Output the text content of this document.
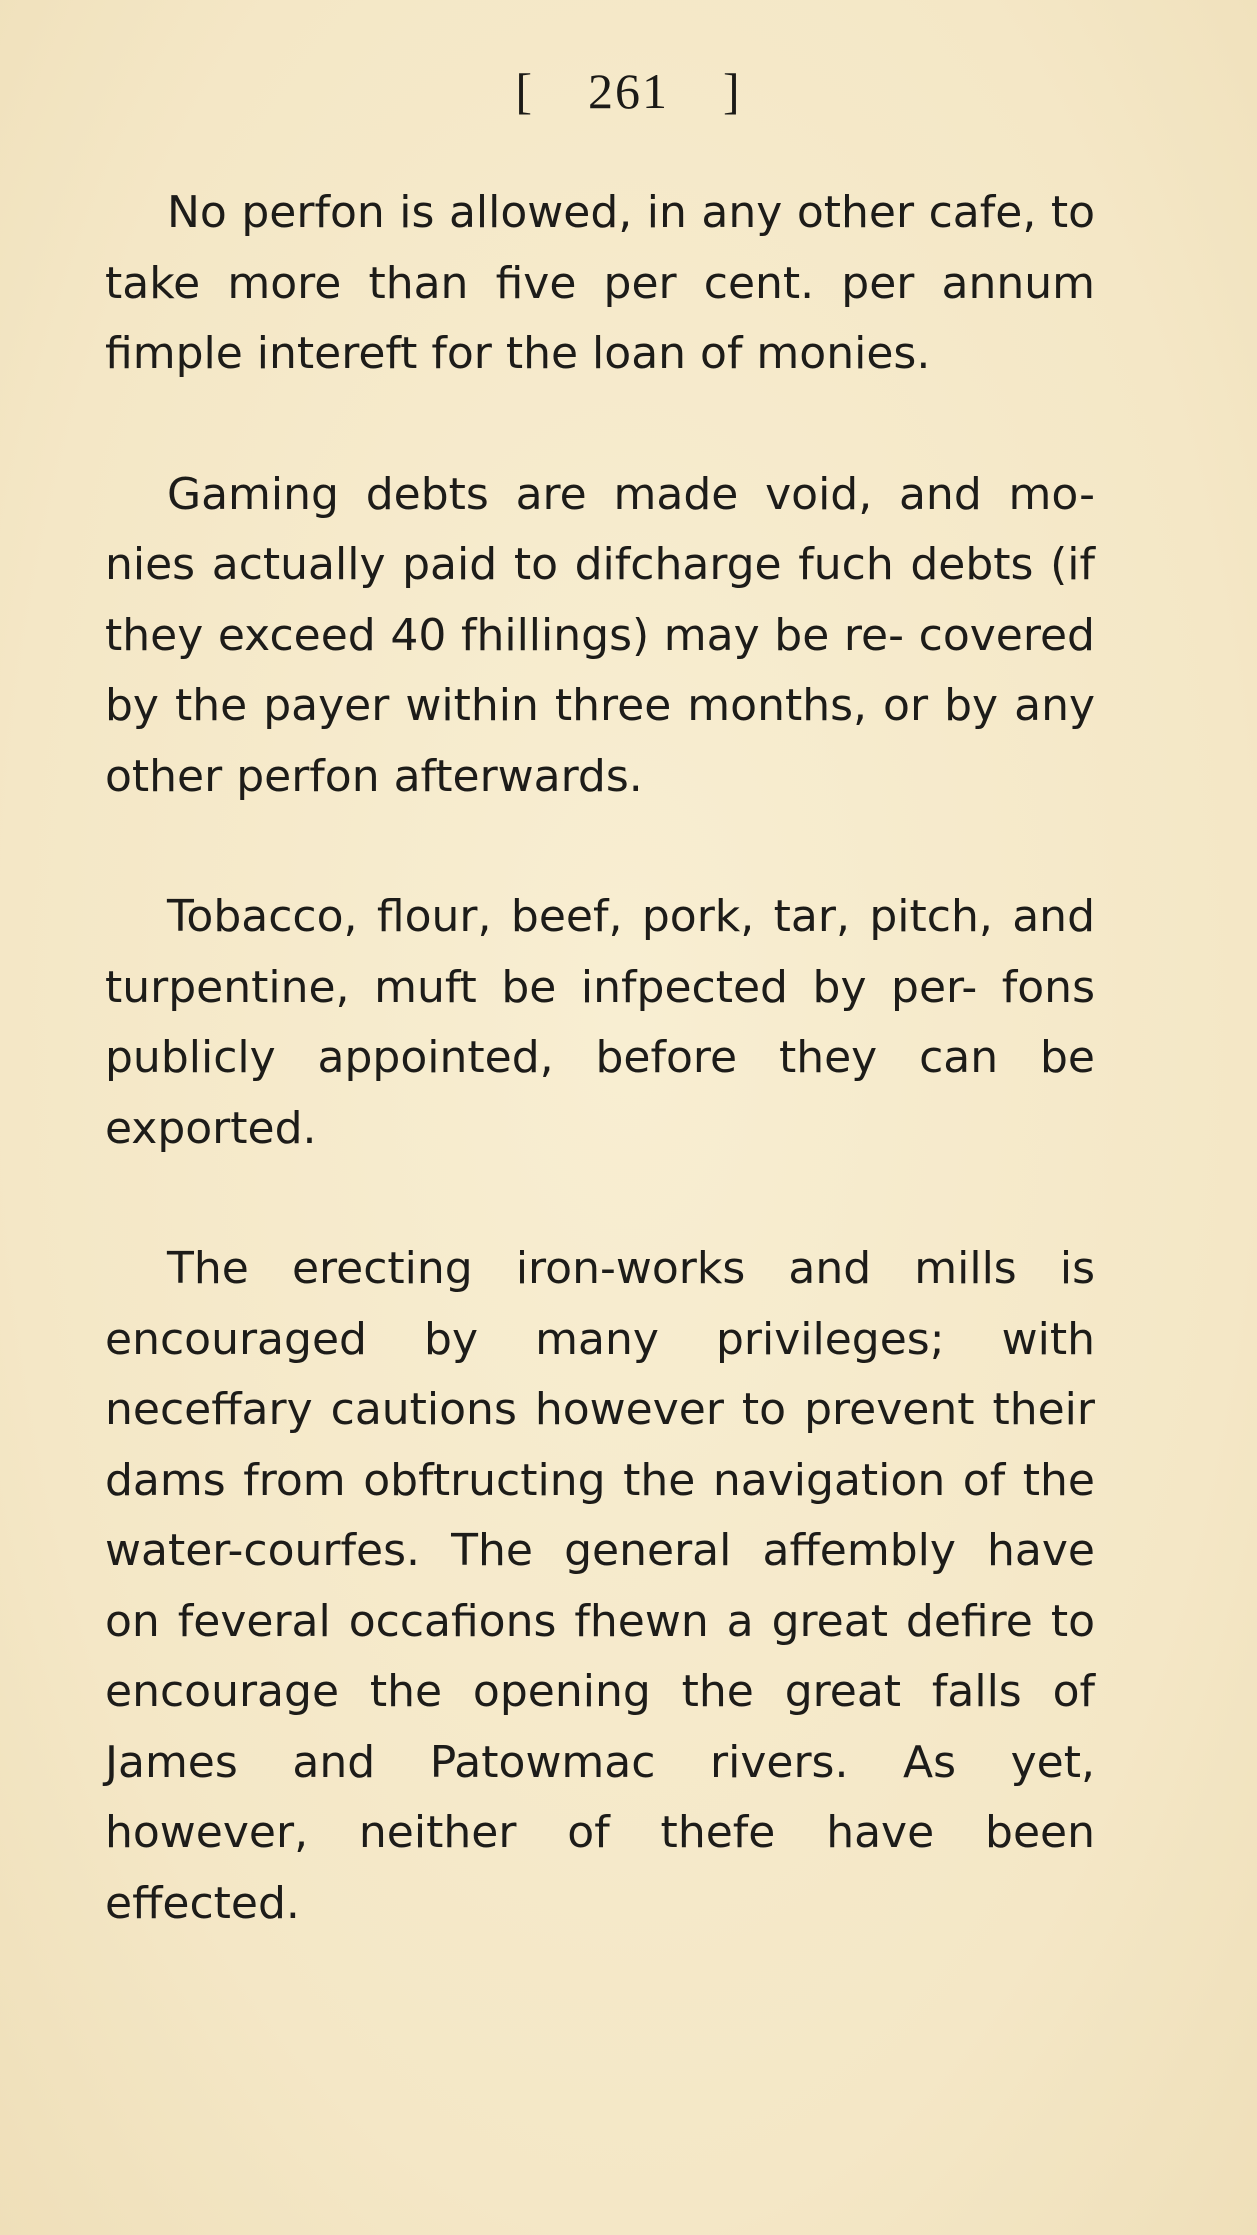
[ 261 ]

No perfon is allowed, in any other cafe, to take more than five per cent. per annum fimple intereft for the loan of monies.

Gaming debts are made void, and mo- nies actually paid to difcharge fuch debts (if they exceed 40 fhillings) may be re- covered by the payer within three months, or by any other perfon afterwards.

Tobacco, flour, beef, pork, tar, pitch, and turpentine, muft be infpected by per- fons publicly appointed, before they can be exported.

The erecting iron-works and mills is encouraged by many privileges; with neceffary cautions however to prevent their dams from obftructing the navigation of the water-courfes. The general affembly have on feveral occafions fhewn a great defire to encourage the opening the great falls of James and Patowmac rivers. As yet, however, neither of thefe have been effected.
